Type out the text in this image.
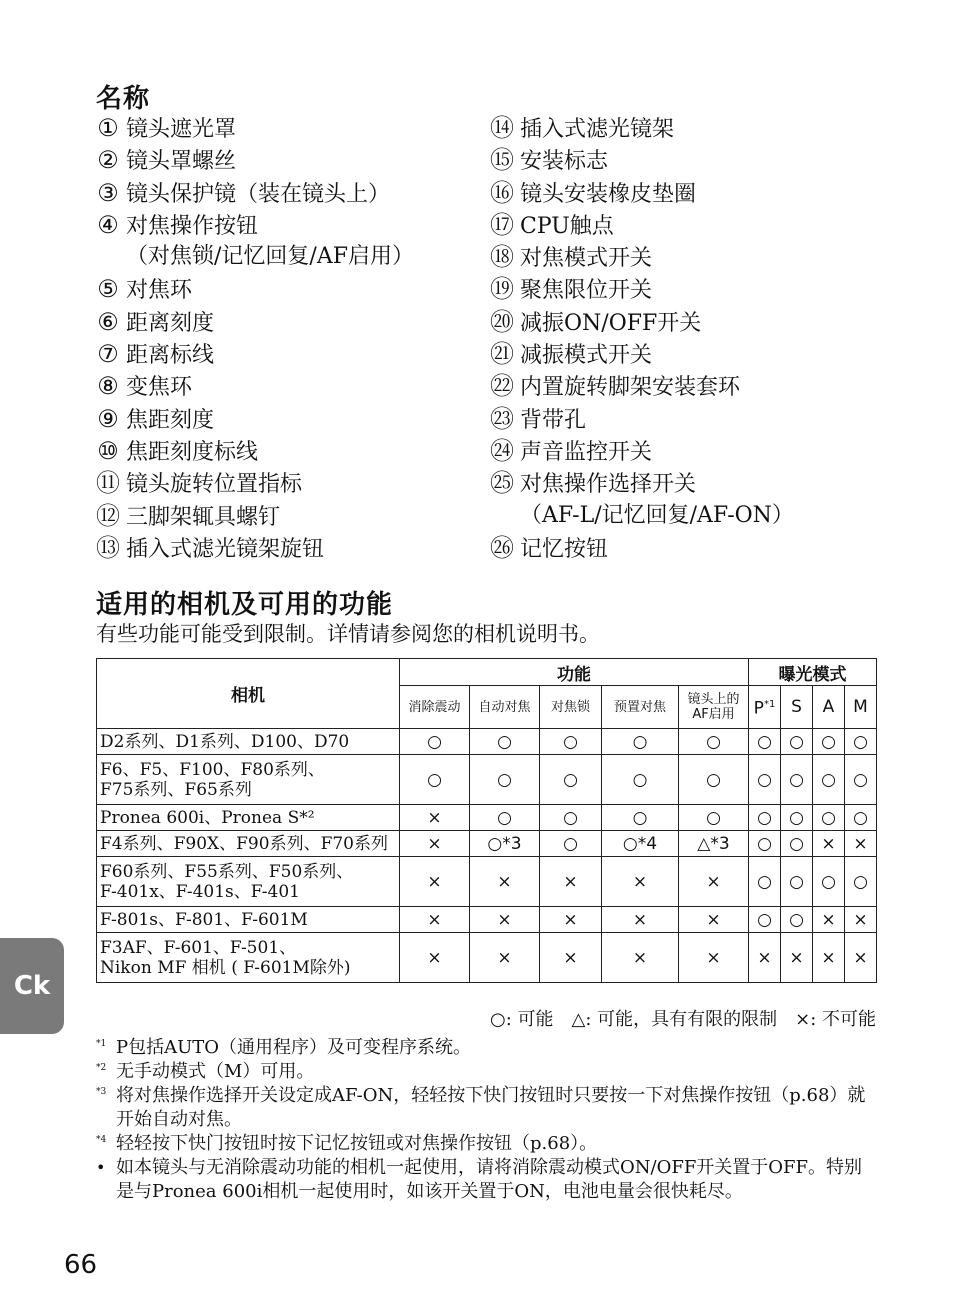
名称
① 镜头遮光罩
② 镜头罩螺丝
③ 镜头保护镜（装在镜头上）
④ 对焦操作按钮
（对焦锁/记忆回复/AF启用）
⑤ 对焦环
⑥ 距离刻度
⑦ 距离标线
⑧ 变焦环
⑨ 焦距刻度
⑩ 焦距刻度标线
⑪ 镜头旋转位置指标
⑫ 三脚架辄具螺钉
⑬ 插入式滤光镜架旋钮
⑭ 插入式滤光镜架
⑮ 安装标志
⑯ 镜头安装橡皮垫圈
⑰ CPU触点
⑱ 对焦模式开关
⑲ 聚焦限位开关
⑳ 减振ON/OFF开关
㉑ 减振模式开关
㉒ 内置旋转脚架安装套环
㉓ 背带孔
㉔ 声音监控开关
㉕ 对焦操作选择开关
（AF-L/记忆回复/AF-ON）
㉖ 记忆按钮
适用的相机及可用的功能
有些功能可能受到限制。详情请参阅您的相机说明书。
相机	功能					曝光模式			
	消除震动	自动对焦	对焦锁	预置对焦	镜头上的
AF启用	$P^{*1}$	S	A	M

D2系列、D1系列、D100、D70	○	○	○	○	○	○	○	○	○

F6、F5、F100、F80系列、
F75系列、F65系列	○	○	○	○	○	○	○	○	○

Pronea 600i、Pronea S*²	×	○	○	○	○	○	○	○	○

F4系列、F90X、F90系列、F70系列	×	○*3	○	○*4	△*3	○	○	×	×

F60系列、F55系列、F50系列、
F-401x、F-401s、F-401	×	×	×	×	×	○	○	○	○

F-801s、F-801、F-601M	×	×	×	×	×	○	○	×	×

F3AF、F-601、F-501、
Nikon MF 相机 ( F-601M除外)	×	×	×	×	×	×	×	×	×
○: 可能　△: 可能，具有有限的限制　×: 不可能
*1 P包括AUTO（通用程序）及可变程序系统。
*2 无手动模式（M）可用。
*3 将对焦操作选择开关设定成AF-ON，轻轻按下快门按钮时只要按一下对焦操作按钮（p.68）就开始自动对焦。
*4 轻轻按下快门按钮时按下记忆按钮或对焦操作按钮（p.68）。
• 如本镜头与无消除震动功能的相机一起使用，请将消除震动模式ON/OFF开关置于OFF。特别是与Pronea 600i相机一起使用时，如该开关置于ON，电池电量会很快耗尽。
Ck
66
